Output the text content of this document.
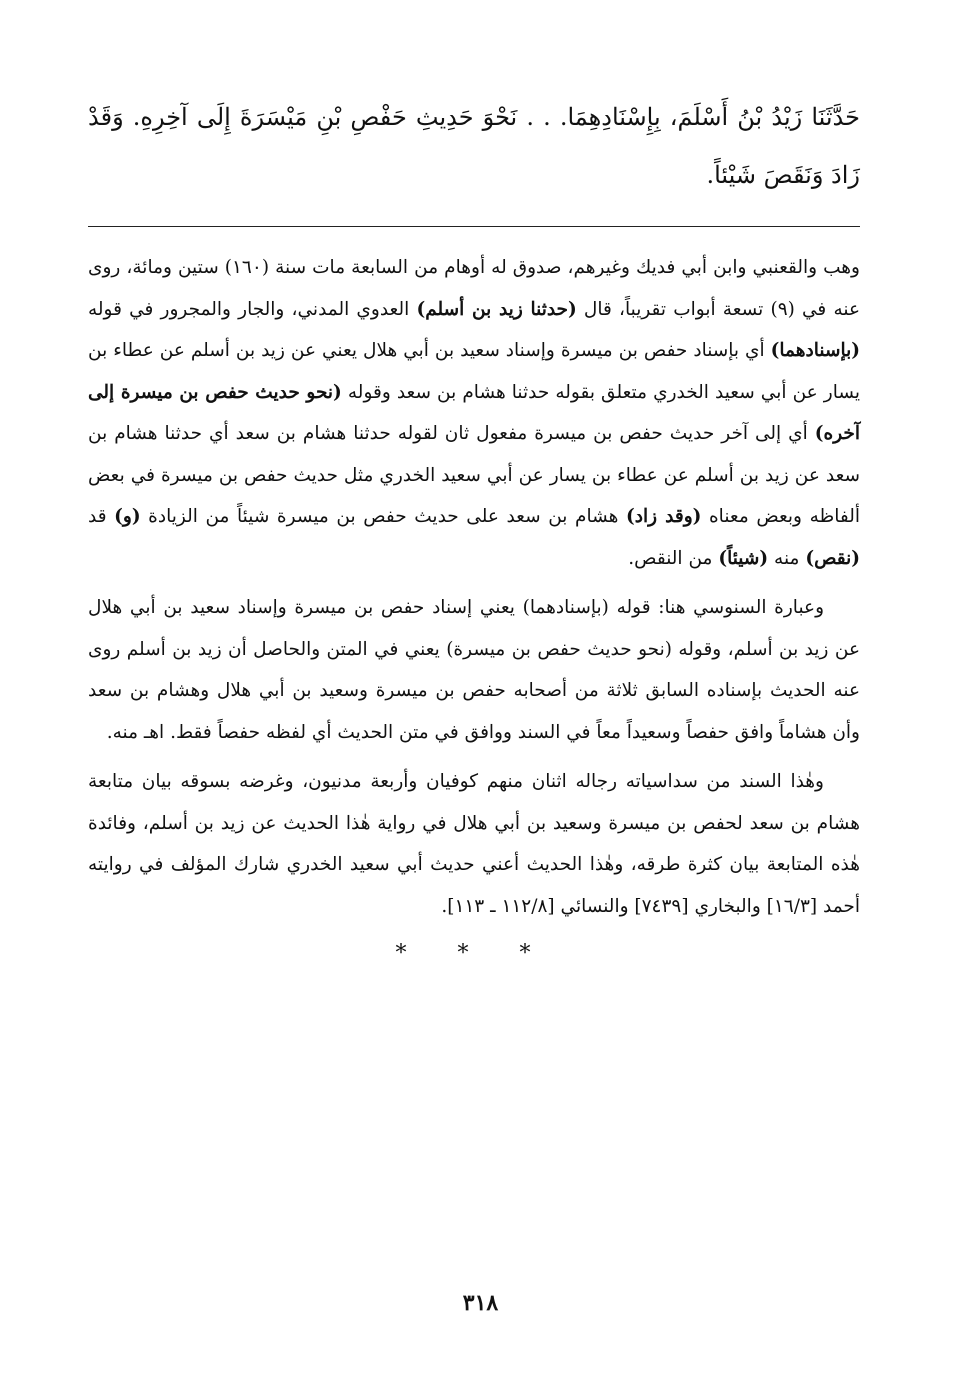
حَدَّثَنَا زَيْدُ بْنُ أَسْلَمَ، بِإِسْنَادِهِمَا. . . نَحْوَ حَدِيثِ حَفْصِ بْنِ مَيْسَرَةَ إِلَى آخِرِهِ. وَقَدْ زَادَ وَنَقَصَ شَيْئاً.

وهب والقعنبي وابن أبي فديك وغيرهم، صدوق له أوهام من السابعة مات سنة (١٦٠) ستين ومائة، روى عنه في (٩) تسعة أبواب تقريباً، قال (حدثنا زيد بن أسلم) العدوي المدني، والجار والمجرور في قوله (بإسنادهما) أي بإسناد حفص بن ميسرة وإسناد سعيد بن أبي هلال يعني عن زيد بن أسلم عن عطاء بن يسار عن أبي سعيد الخدري متعلق بقوله حدثنا هشام بن سعد وقوله (نحو حديث حفص بن ميسرة إلى آخره) أي إلى آخر حديث حفص بن ميسرة مفعول ثان لقوله حدثنا هشام بن سعد أي حدثنا هشام بن سعد عن زيد بن أسلم عن عطاء بن يسار عن أبي سعيد الخدري مثل حديث حفص بن ميسرة في بعض ألفاظه وبعض معناه (وقد زاد) هشام بن سعد على حديث حفص بن ميسرة شيئاً من الزيادة (و) قد (نقص) منه (شيئاً) من النقص.

وعبارة السنوسي هنا: قوله (بإسنادهما) يعني إسناد حفص بن ميسرة وإسناد سعيد بن أبي هلال عن زيد بن أسلم، وقوله (نحو حديث حفص بن ميسرة) يعني في المتن والحاصل أن زيد بن أسلم روى عنه الحديث بإسناده السابق ثلاثة من أصحابه حفص بن ميسرة وسعيد بن أبي هلال وهشام بن سعد وأن هشاماً وافق حفصاً وسعيداً معاً في السند ووافق في متن الحديث أي لفظه حفصاً فقط. اهـ منه.

وهٰذا السند من سداسياته رجاله اثنان منهم كوفيان وأربعة مدنيون، وغرضه بسوقه بيان متابعة هشام بن سعد لحفص بن ميسرة وسعيد بن أبي هلال في رواية هٰذا الحديث عن زيد بن أسلم، وفائدة هٰذه المتابعة بيان كثرة طرقه، وهٰذا الحديث أعني حديث أبي سعيد الخدري شارك المؤلف في روايته أحمد [١٦/٣] والبخاري [٧٤٣٩] والنسائي [١١٢/٨ ـ ١١٣].

* * *
٣١٨
